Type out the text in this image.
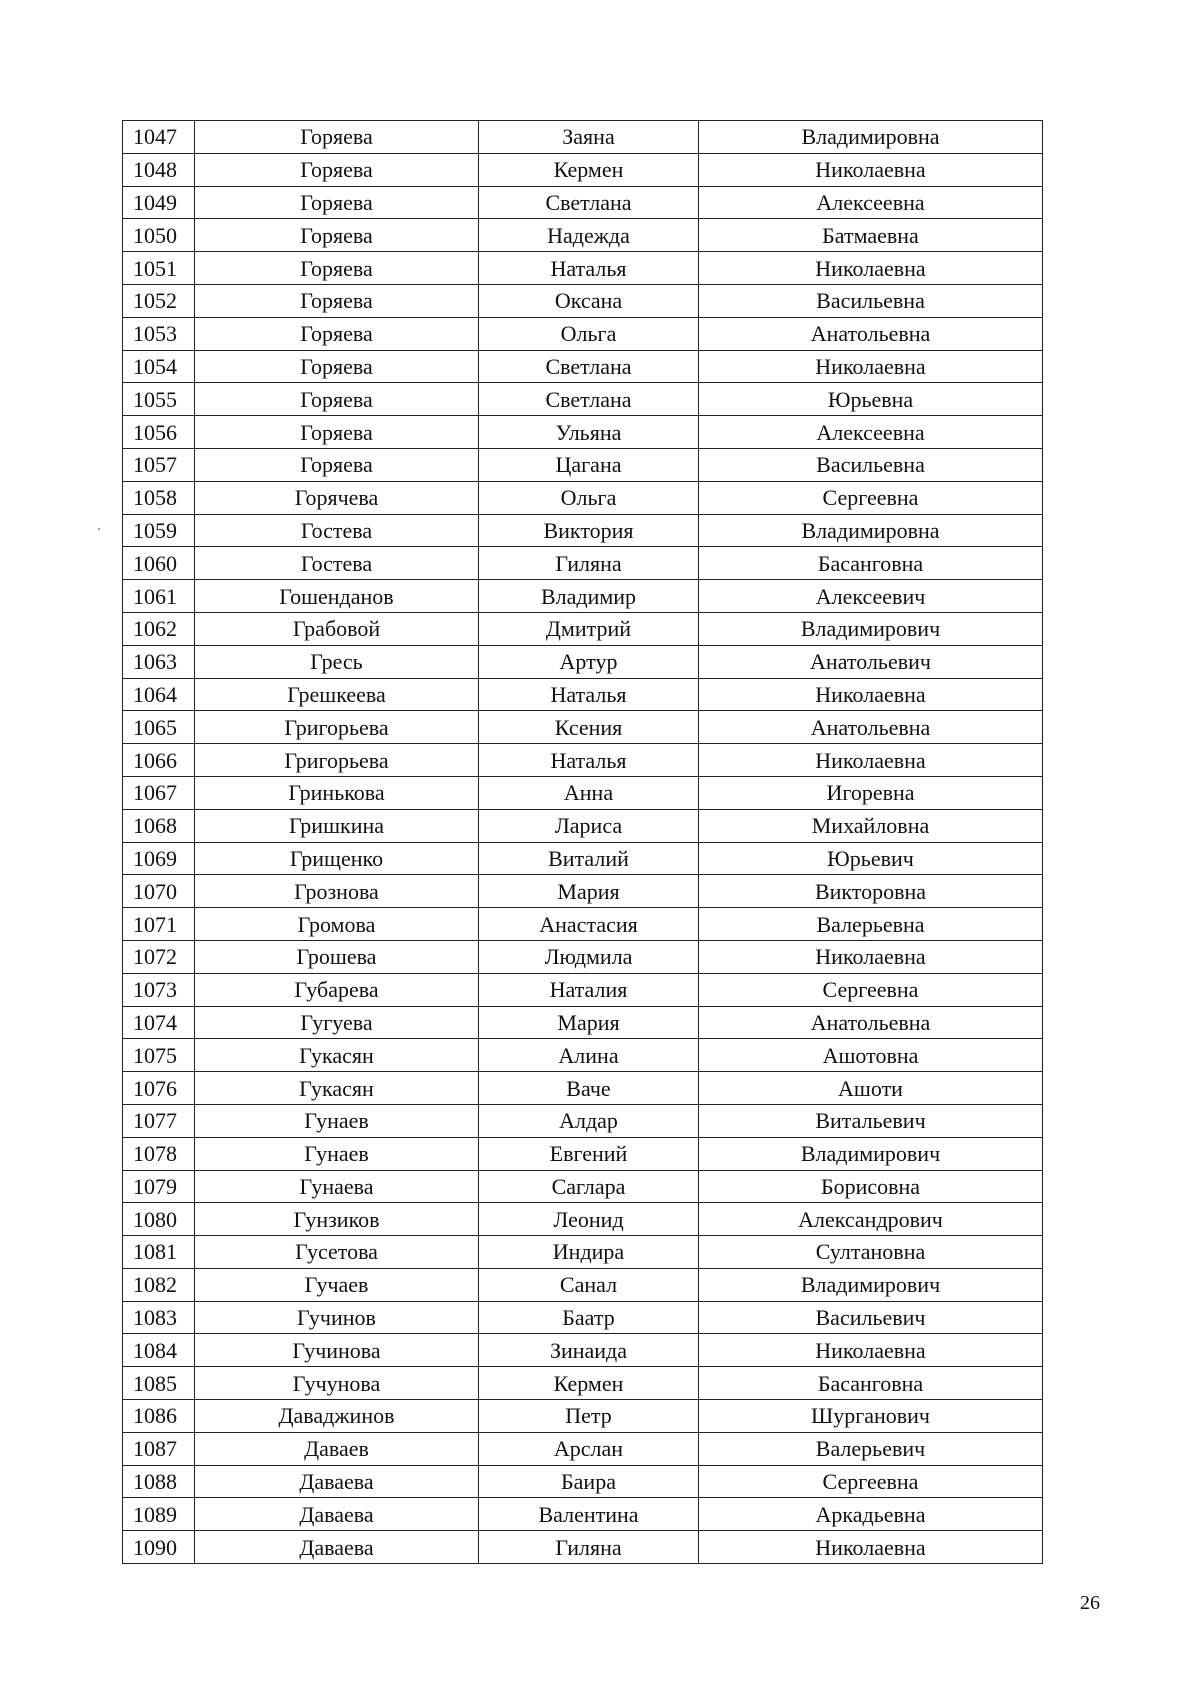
1047	Горяева	Заяна	Владимировна
1048	Горяева	Кермен	Николаевна
1049	Горяева	Светлана	Алексеевна
1050	Горяева	Надежда	Батмаевна
1051	Горяева	Наталья	Николаевна
1052	Горяева	Оксана	Васильевна
1053	Горяева	Ольга	Анатольевна
1054	Горяева	Светлана	Николаевна
1055	Горяева	Светлана	Юрьевна
1056	Горяева	Ульяна	Алексеевна
1057	Горяева	Цагана	Васильевна
1058	Горячева	Ольга	Сергеевна
1059	Гостева	Виктория	Владимировна
1060	Гостева	Гиляна	Басанговна
1061	Гошенданов	Владимир	Алексеевич
1062	Грабовой	Дмитрий	Владимирович
1063	Гресь	Артур	Анатольевич
1064	Грешкеева	Наталья	Николаевна
1065	Григорьева	Ксения	Анатольевна
1066	Григорьева	Наталья	Николаевна
1067	Гринькова	Анна	Игоревна
1068	Гришкина	Лариса	Михайловна
1069	Грищенко	Виталий	Юрьевич
1070	Грознова	Мария	Викторовна
1071	Громова	Анастасия	Валерьевна
1072	Грошева	Людмила	Николаевна
1073	Губарева	Наталия	Сергеевна
1074	Гугуева	Мария	Анатольевна
1075	Гукасян	Алина	Ашотовна
1076	Гукасян	Ваче	Ашоти
1077	Гунаев	Алдар	Витальевич
1078	Гунаев	Евгений	Владимирович
1079	Гунаева	Саглара	Борисовна
1080	Гунзиков	Леонид	Александрович
1081	Гусетова	Индира	Султановна
1082	Гучаев	Санал	Владимирович
1083	Гучинов	Баатр	Васильевич
1084	Гучинова	Зинаида	Николаевна
1085	Гучунова	Кермен	Басанговна
1086	Даваджинов	Петр	Шурганович
1087	Даваев	Арслан	Валерьевич
1088	Даваева	Баира	Сергеевна
1089	Даваева	Валентина	Аркадьевна
1090	Даваева	Гиляна	Николаевна
26
